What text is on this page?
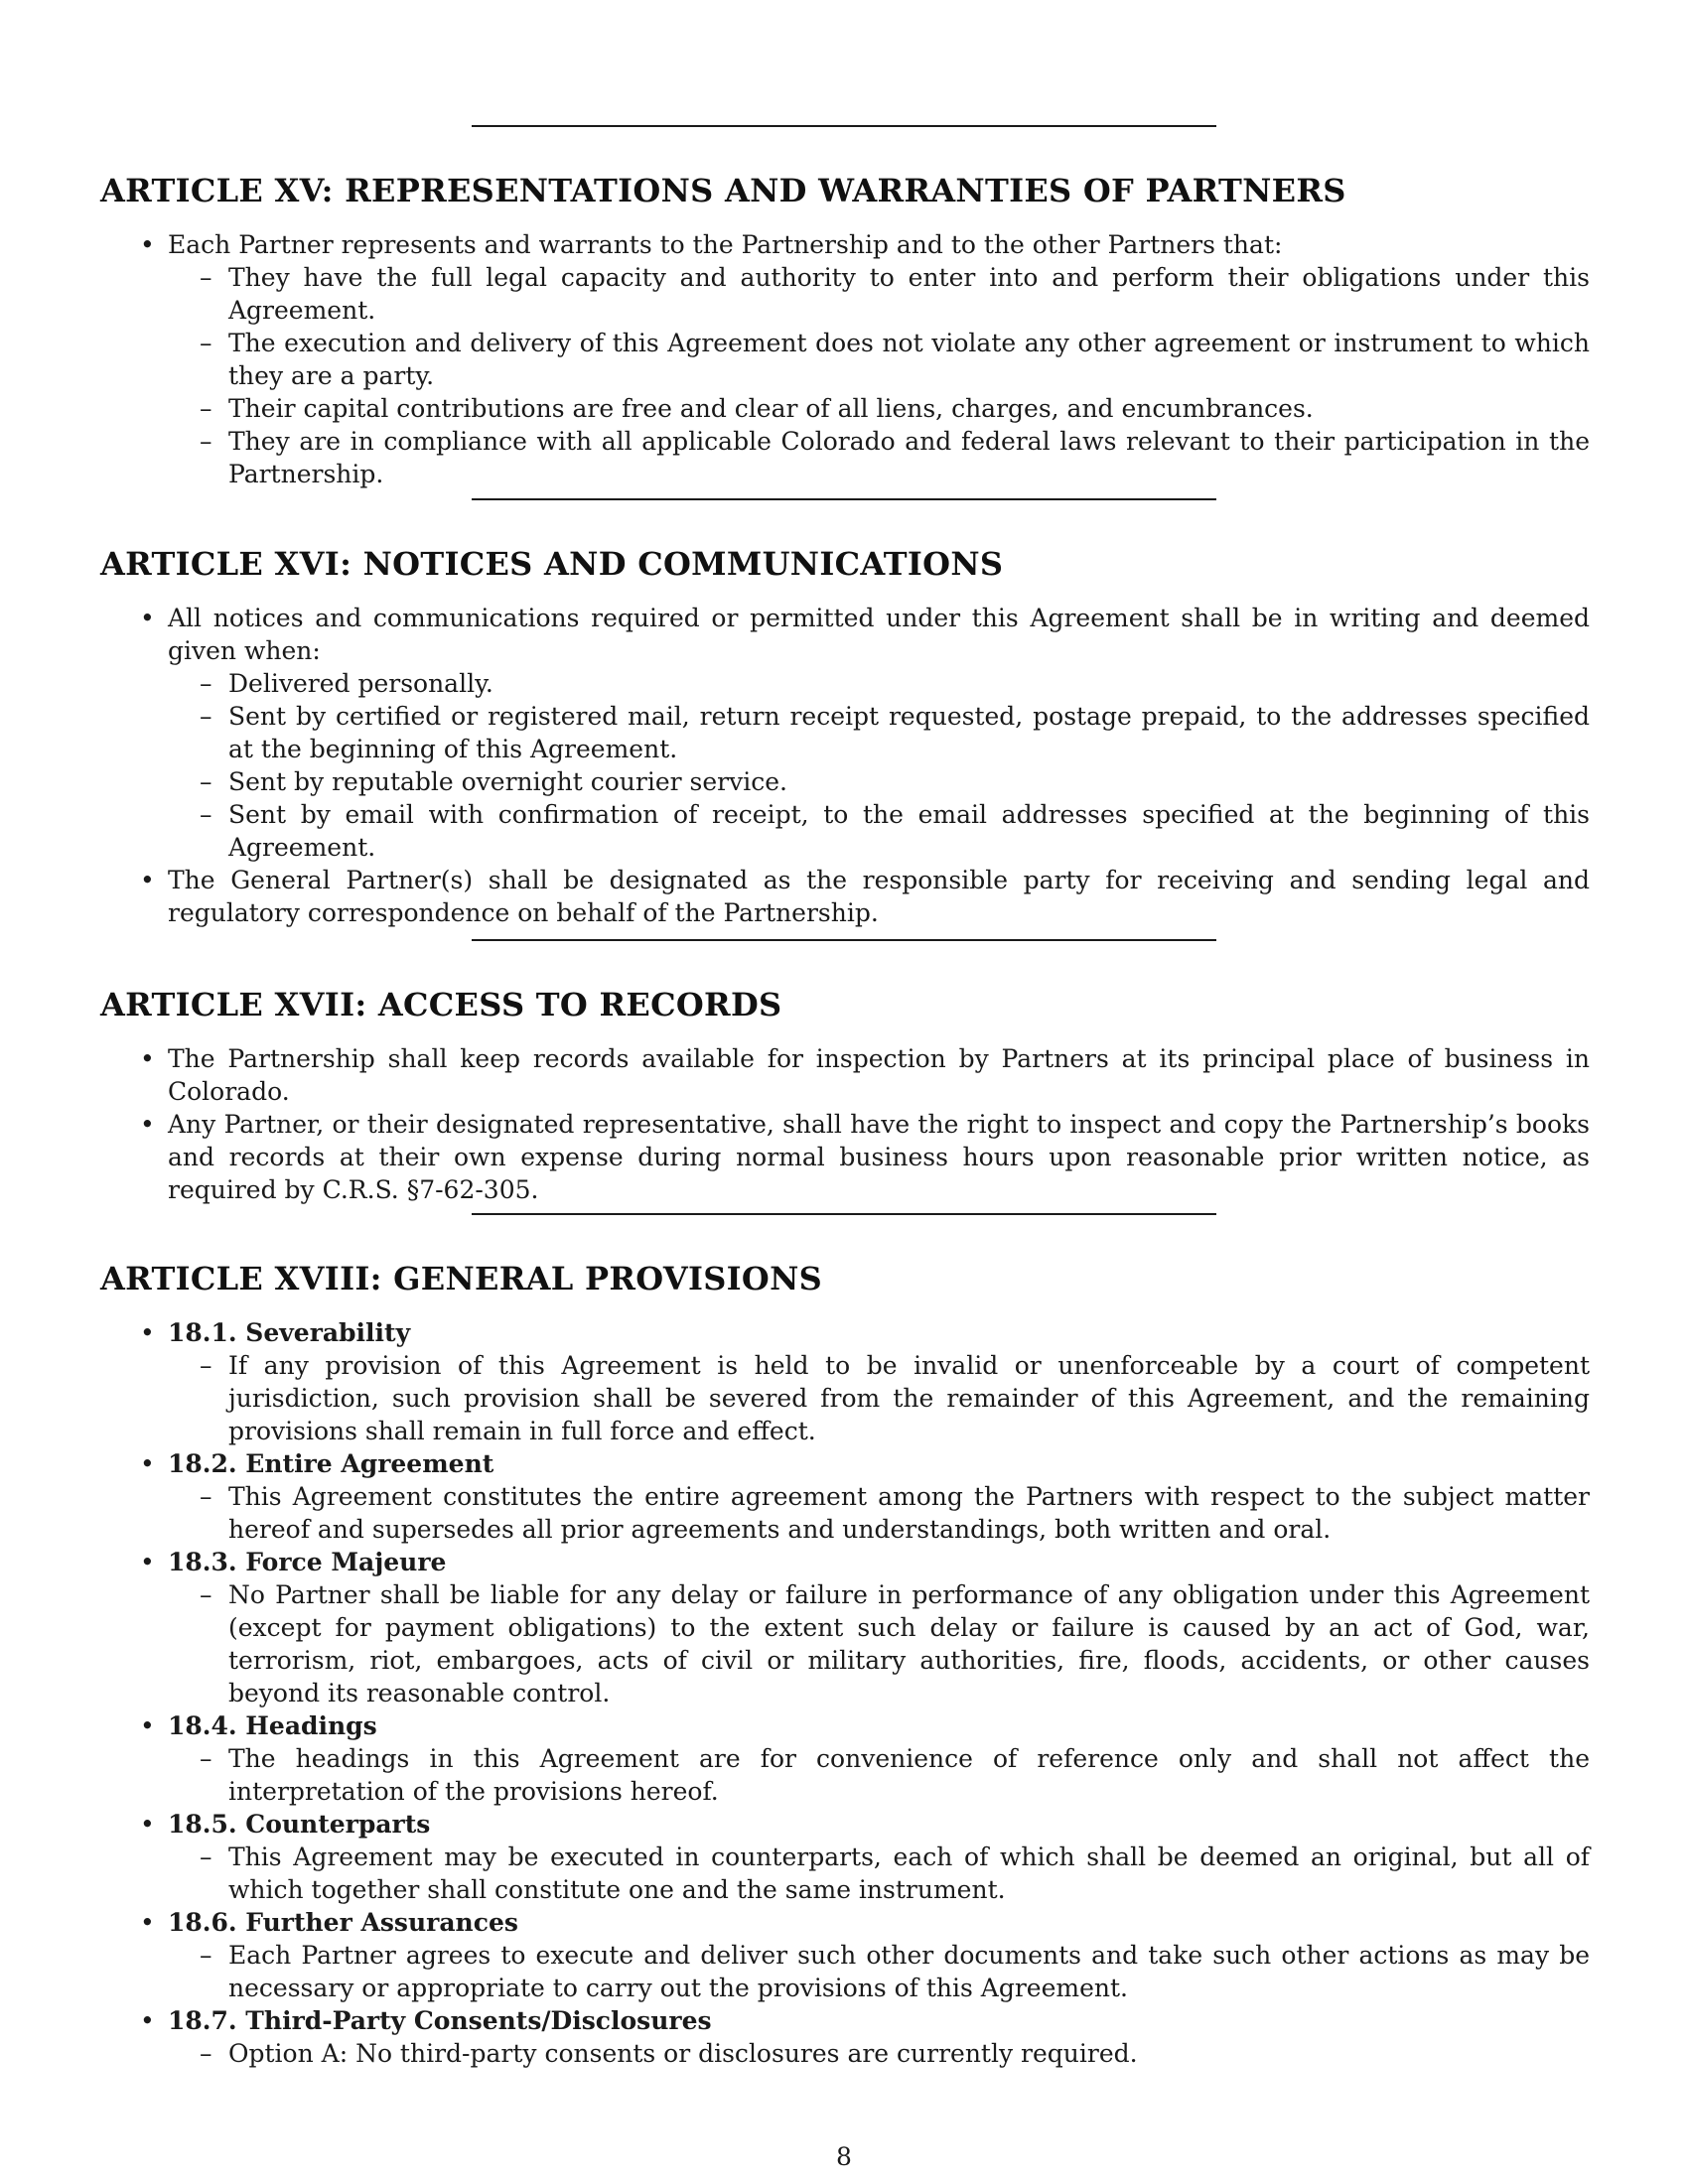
ARTICLE XV: REPRESENTATIONS AND WARRANTIES OF PARTNERS
• Each Partner represents and warrants to the Partnership and to the other Partners that:
– They have the full legal capacity and authority to enter into and perform their obligations under this Agreement.
– The execution and delivery of this Agreement does not violate any other agreement or instrument to which they are a party.
– Their capital contributions are free and clear of all liens, charges, and encumbrances.
– They are in compliance with all applicable Colorado and federal laws relevant to their participation in the Partnership.
ARTICLE XVI: NOTICES AND COMMUNICATIONS
• All notices and communications required or permitted under this Agreement shall be in writing and deemed given when:
– Delivered personally.
– Sent by certified or registered mail, return receipt requested, postage prepaid, to the addresses specified at the beginning of this Agreement.
– Sent by reputable overnight courier service.
– Sent by email with confirmation of receipt, to the email addresses specified at the beginning of this Agreement.
• The General Partner(s) shall be designated as the responsible party for receiving and sending legal and regulatory correspondence on behalf of the Partnership.
ARTICLE XVII: ACCESS TO RECORDS
• The Partnership shall keep records available for inspection by Partners at its principal place of business in Colorado.
• Any Partner, or their designated representative, shall have the right to inspect and copy the Partnership’s books and records at their own expense during normal business hours upon reasonable prior written notice, as required by C.R.S. §7-62-305.
ARTICLE XVIII: GENERAL PROVISIONS
• 18.1. Severability
– If any provision of this Agreement is held to be invalid or unenforceable by a court of competent jurisdiction, such provision shall be severed from the remainder of this Agreement, and the remaining provisions shall remain in full force and effect.
• 18.2. Entire Agreement
– This Agreement constitutes the entire agreement among the Partners with respect to the subject matter hereof and supersedes all prior agreements and understandings, both written and oral.
• 18.3. Force Majeure
– No Partner shall be liable for any delay or failure in performance of any obligation under this Agreement (except for payment obligations) to the extent such delay or failure is caused by an act of God, war, terrorism, riot, embargoes, acts of civil or military authorities, fire, floods, accidents, or other causes beyond its reasonable control.
• 18.4. Headings
– The headings in this Agreement are for convenience of reference only and shall not affect the interpretation of the provisions hereof.
• 18.5. Counterparts
– This Agreement may be executed in counterparts, each of which shall be deemed an original, but all of which together shall constitute one and the same instrument.
• 18.6. Further Assurances
– Each Partner agrees to execute and deliver such other documents and take such other actions as may be necessary or appropriate to carry out the provisions of this Agreement.
• 18.7. Third-Party Consents/Disclosures
– Option A: No third-party consents or disclosures are currently required.
8
